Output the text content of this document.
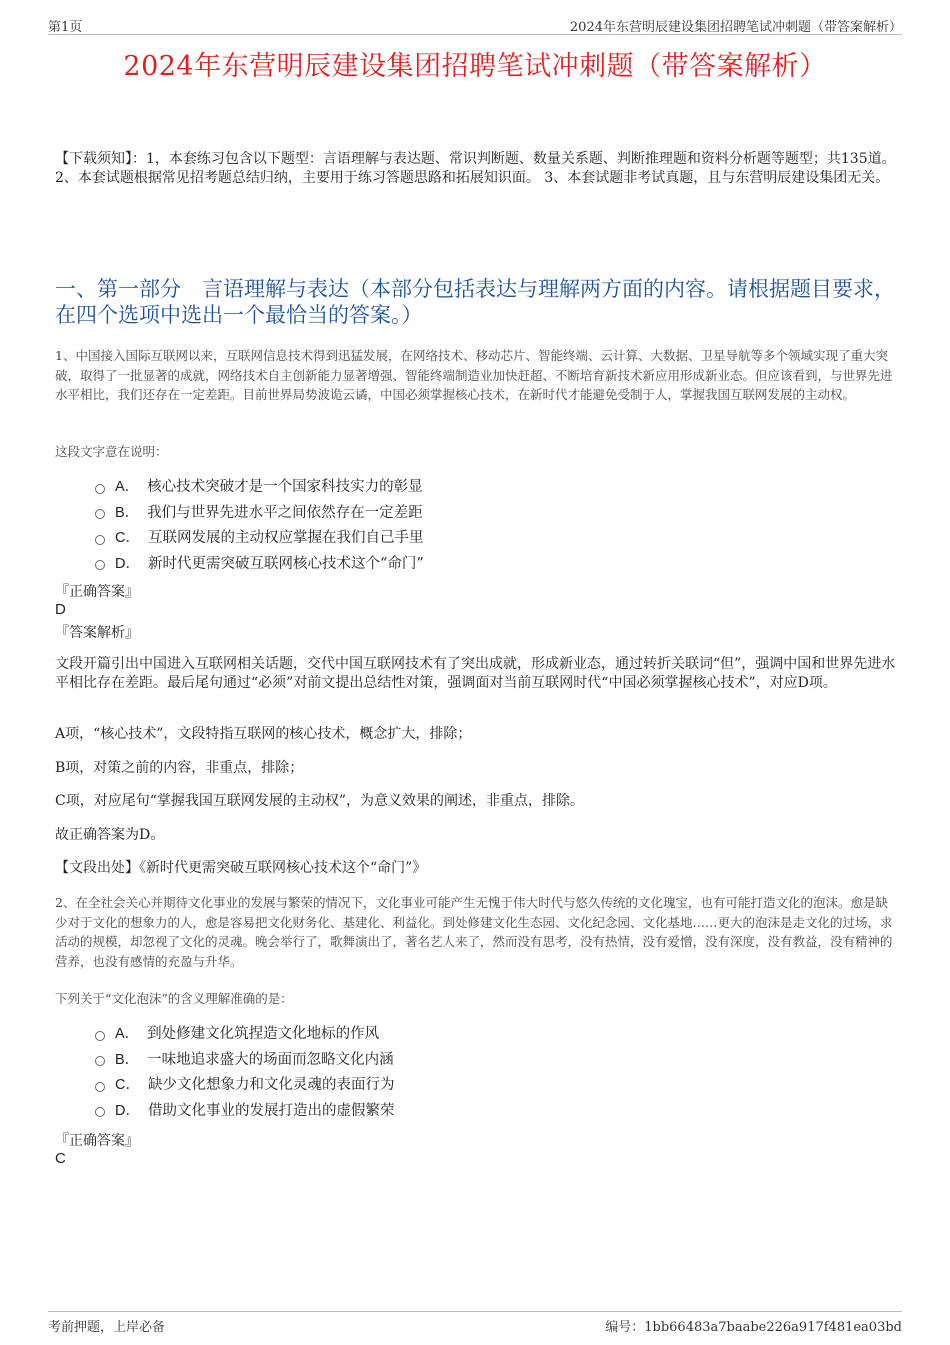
第1页	2024年东营明辰建设集团招聘笔试冲刺题（带答案解析）
2024年东营明辰建设集团招聘笔试冲刺题（带答案解析）
【下载须知】：1，本套练习包含以下题型：言语理解与表达题、常识判断题、数量关系题、判断推理题和资料分析题等题型；共135道。 2、本套试题根据常见招考题总结归纳，主要用于练习答题思路和拓展知识面。 3、本套试题非考试真题，且与东营明辰建设集团无关。
一、第一部分　言语理解与表达（本部分包括表达与理解两方面的内容。请根据题目要求，在四个选项中选出一个最恰当的答案。）
1、中国接入国际互联网以来，互联网信息技术得到迅猛发展，在网络技术、移动芯片、智能终端、云计算、大数据、卫星导航等多个领域实现了重大突破，取得了一批显著的成就，网络技术自主创新能力显著增强、智能终端制造业加快赶超、不断培育新技术新应用形成新业态。但应该看到，与世界先进水平相比，我们还存在一定差距。目前世界局势波诡云谲，中国必须掌握核心技术，在新时代才能避免受制于人，掌握我国互联网发展的主动权。
这段文字意在说明：
A． 核心技术突破才是一个国家科技实力的彰显
B． 我们与世界先进水平之间依然存在一定差距
C． 互联网发展的主动权应掌握在我们自己手里
D． 新时代更需突破互联网核心技术这个“命门”
『正确答案』
D
『答案解析』
文段开篇引出中国进入互联网相关话题，交代中国互联网技术有了突出成就，形成新业态，通过转折关联词“但”，强调中国和世界先进水平相比存在差距。最后尾句通过“必须”对前文提出总结性对策，强调面对当前互联网时代“中国必须掌握核心技术”，对应D项。
A项，“核心技术”，文段特指互联网的核心技术，概念扩大，排除；
B项，对策之前的内容，非重点，排除；
C项，对应尾句“掌握我国互联网发展的主动权”，为意义效果的阐述，非重点，排除。
故正确答案为D。
【文段出处】《新时代更需突破互联网核心技术这个“命门”》
2、在全社会关心并期待文化事业的发展与繁荣的情况下，文化事业可能产生无愧于伟大时代与悠久传统的文化瑰宝，也有可能打造文化的泡沫。愈是缺少对于文化的想象力的人，愈是容易把文化财务化、基建化、利益化。到处修建文化生态园、文化纪念园、文化基地……更大的泡沫是走文化的过场，求活动的规模，却忽视了文化的灵魂。晚会举行了，歌舞演出了，著名艺人来了，然而没有思考，没有热情，没有爱憎，没有深度，没有教益，没有精神的营养，也没有感情的充盈与升华。
下列关于“文化泡沫”的含义理解准确的是：
A． 到处修建文化筑捏造文化地标的作风
B． 一味地追求盛大的场面而忽略文化内涵
C． 缺少文化想象力和文化灵魂的表面行为
D． 借助文化事业的发展打造出的虚假繁荣
『正确答案』
C
考前押题，上岸必备	编号：1bb66483a7baabe226a917f481ea03bd
